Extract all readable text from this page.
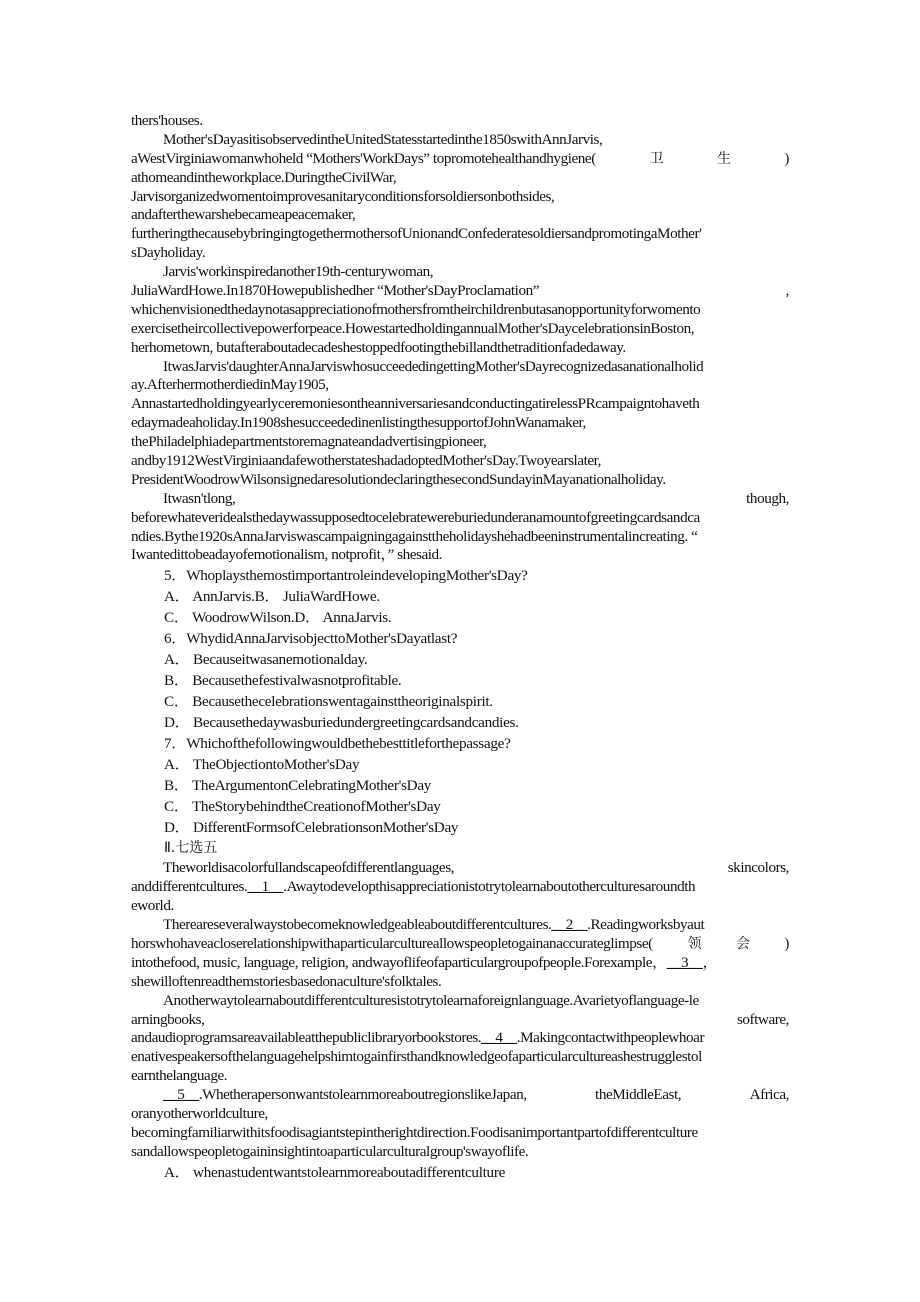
thers'houses.
Mother'sDayasitisobservedintheUnitedStatesstartedinthe1850swithAnnJarvis,
aWestVirginiawomanwhoheld “Mothers'WorkDays” topromotehealthandhygiene(	卫	生	)
athomeandintheworkplace.DuringtheCivilWar,
Jarvisorganizedwomentoimprovesanitaryconditionsforsoldiersonbothsides,
andafterthewarshebecameapeacemaker,
furtheringthecausebybringingtogethermothersofUnionandConfederatesoldiersandpromotingaMother'
sDayholiday.
Jarvis'workinspiredanother19th-centurywoman,
JuliaWardHowe.In1870Howepublishedher “Mother'sDayProclamation”	,
whichenvisionedthedaynotasappreciationofmothersfromtheirchildrenbutasanopportunityforwomento
exercisetheircollectivepowerforpeace.HowestartedholdingannualMother'sDaycelebrationsinBoston,
herhometown, butafteraboutadecadeshestoppedfootingthebillandthetraditionfadedaway.
ItwasJarvis'daughterAnnaJarviswhosucceededingettingMother'sDayrecognizedasanationalholid
ay.AfterhermotherdiedinMay1905,
AnnastartedholdingyearlyceremoniesontheanniversariesandconductingatirelessPRcampaigntohaveth
edaymadeaholiday.In1908shesucceededinenlistingthesupportofJohnWanamaker,
thePhiladelphiadepartmentstoremagnateandadvertisingpioneer,
andby1912WestVirginiaandafewotherstateshadadoptedMother'sDay.Twoyearslater,
PresidentWoodrowWilsonsignedaresolutiondeclaringthesecondSundayinMayanationalholiday.
Itwasn'tlong,	though,
beforewhateveridealsthedaywassupposedtocelebratewereburiedunderanamountofgreetingcardsandca
ndies.Bythe1920sAnnaJarviswascampaigningagainsttheholidayshehadbeeninstrumentalincreating. “
Iwantedittobeadayofemotionalism, notprofit，” shesaid.
5．WhoplaysthemostimportantroleindevelopingMother'sDay?
A． AnnJarvis.B． JuliaWardHowe.
C． WoodrowWilson.D． AnnaJarvis.
6．WhydidAnnaJarvisobjecttoMother'sDayatlast?
A． Becauseitwasanemotionalday.
B． Becausethefestivalwasnotprofitable.
C． Becausethecelebrationswentagainsttheoriginalspirit.
D． Becausethedaywasburiedundergreetingcardsandcandies.
7．Whichofthefollowingwouldbethebesttitleforthepassage?
A． TheObjectiontoMother'sDay
B． TheArgumentonCelebratingMother'sDay
C． TheStorybehindtheCreationofMother'sDay
D． DifferentFormsofCelebrationsonMother'sDay
Ⅱ.七选五
Theworldisacolorfullandscapeofdifferentlanguages,	skincolors,
anddifferentcultures.__1__.Awaytodevelopthisappreciationistotrytolearnaboutotherculturesaroundth
eworld.
Thereareseveralwaystobecomeknowledgeableaboutdifferentcultures.__2__.Readingworksbyaut
horswhohaveacloserelationshipwithaparticularcultureallowspeopletogainanaccurateglimpse( 领 会 )
intothefood, music, language, religion, andwayoflifeofaparticulargroupofpeople.Forexample，__3__，
shewilloftenreadthemstoriesbasedonaculture'sfolktales.
Anotherwaytolearnaboutdifferentculturesistotrytolearnaforeignlanguage.Avarietyoflanguage-le
arningbooks,	software,
andaudioprogramsareavailableatthepubliclibraryorbookstores.__4__.Makingcontactwithpeoplewhoar
enativespeakersofthelanguagehelpshimtogainfirsthandknowledgeofaparticularcultureashestrugglestol
earnthelanguage.
__5__.WhetherapersonwantstolearnmoreaboutregionslikeJapan,	theMiddleEast,	Africa,
oranyotherworldculture,
becomingfamiliarwithitsfoodisagiantstepintherightdirection.Foodisanimportantpartofdifferentculture
sandallowspeopletogaininsightintoaparticularculturalgroup'swayoflife.
A． whenastudentwantstolearnmoreaboutadifferentculture
